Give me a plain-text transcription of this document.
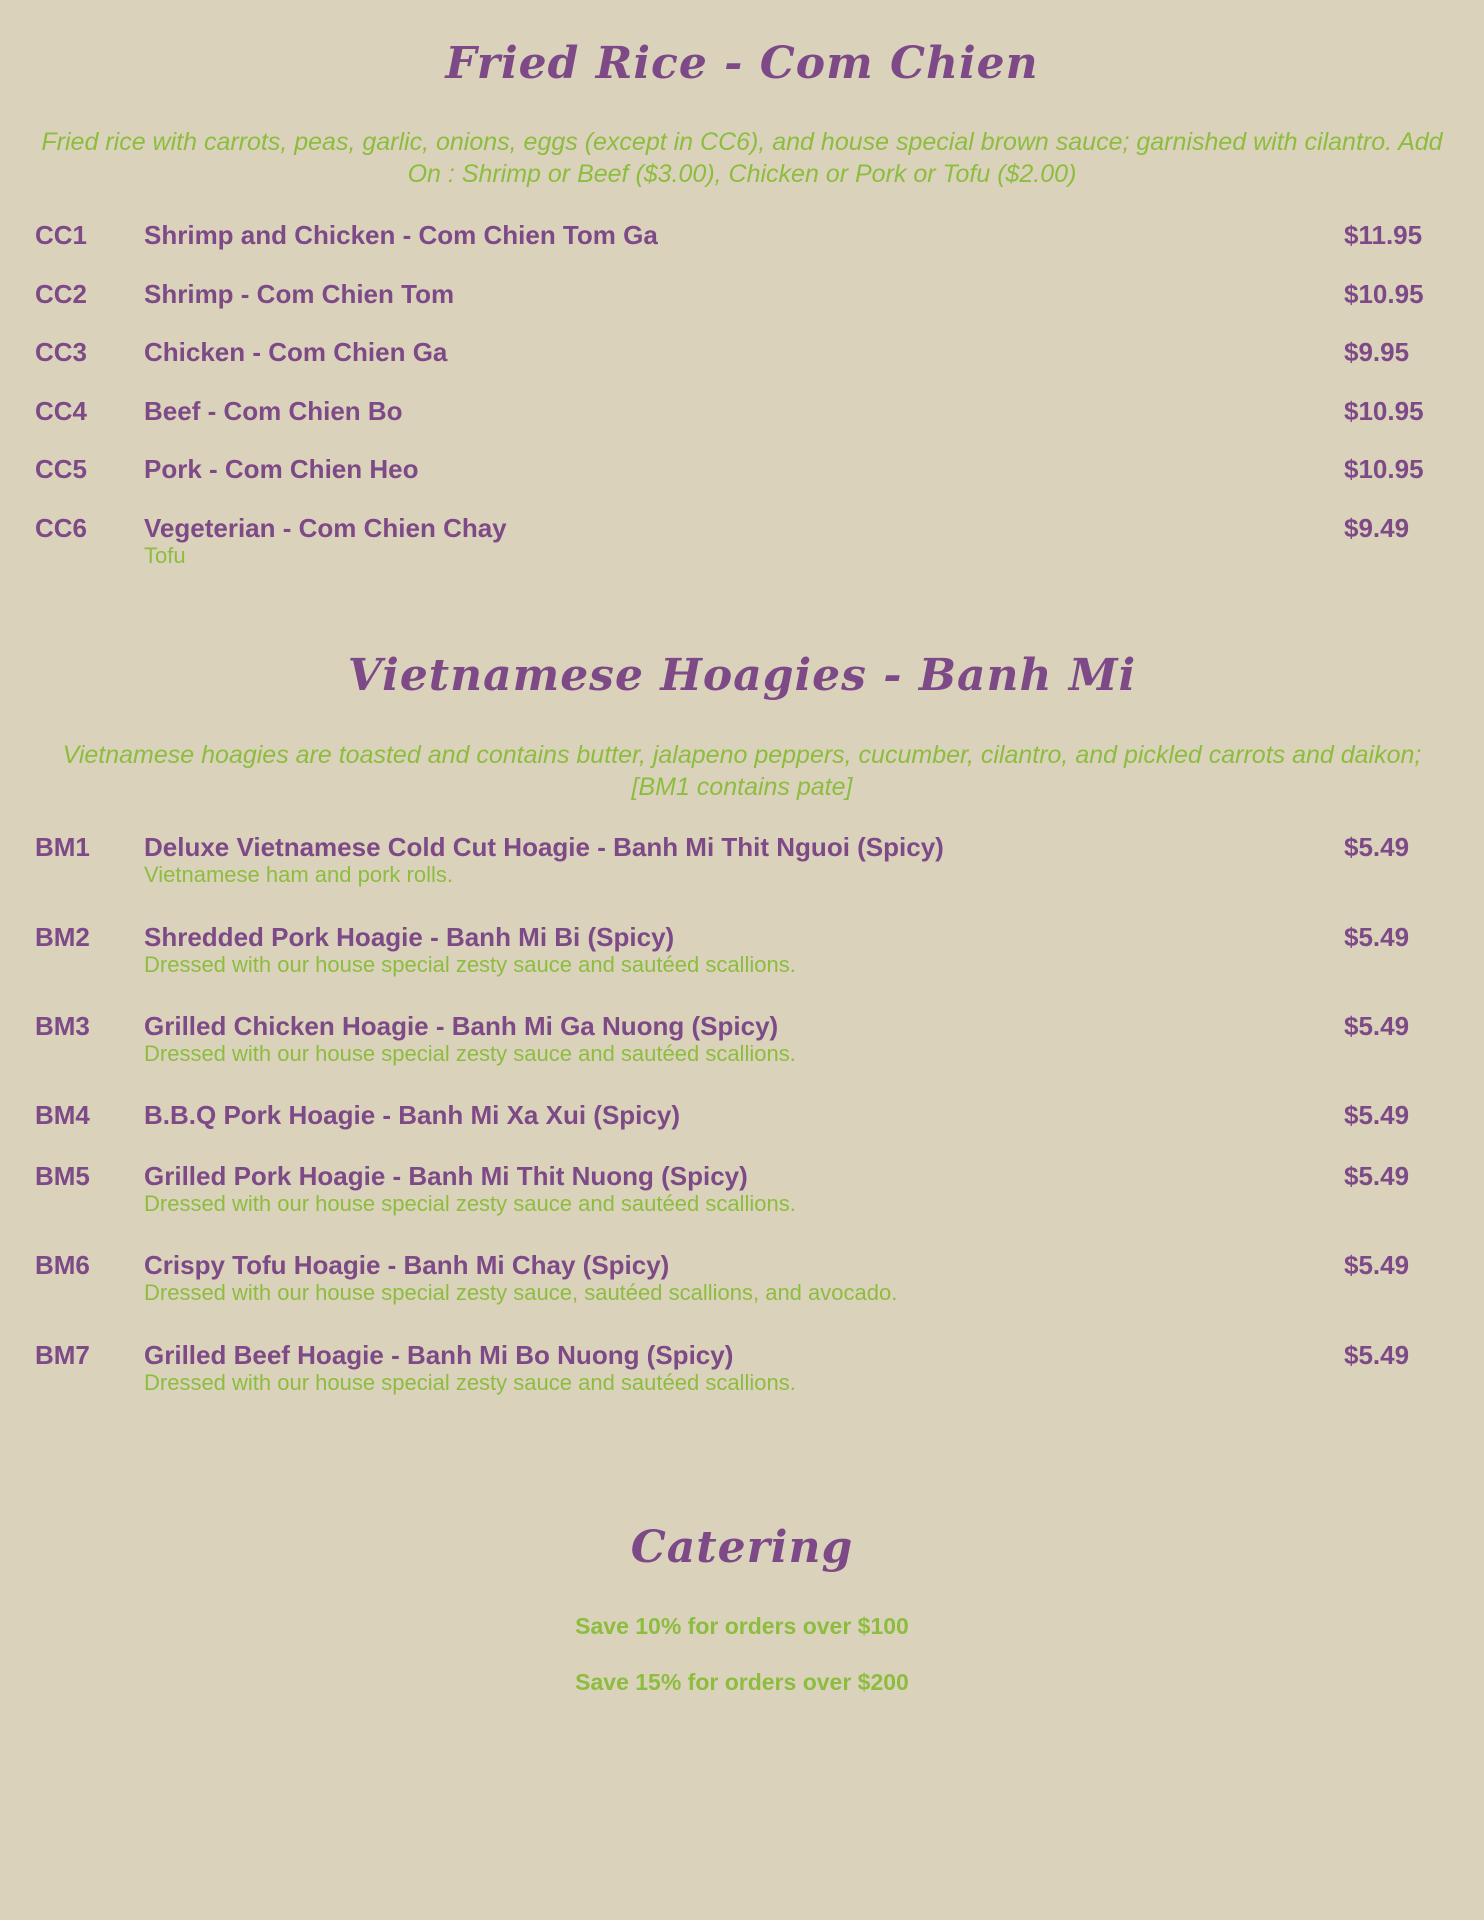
Fried Rice - Com Chien

Fried rice with carrots, peas, garlic, onions, eggs (except in CC6), and house special brown sauce; garnished with cilantro. Add On : Shrimp or Beef ($3.00), Chicken or Pork or Tofu ($2.00)

CC1 Shrimp and Chicken - Com Chien Tom Ga	$11.95
CC2 Shrimp - Com Chien Tom	$10.95
CC3 Chicken - Com Chien Ga	$9.95
CC4 Beef - Com Chien Bo	$10.95
CC5 Pork - Com Chien Heo	$10.95
CC6 Vegeterian - Com Chien Chay
Tofu
$9.49
Vietnamese Hoagies - Banh Mi

Vietnamese hoagies are toasted and contains butter, jalapeno peppers, cucumber, cilantro, and pickled carrots and daikon; [BM1 contains pate]

BM1 Deluxe Vietnamese Cold Cut Hoagie - Banh Mi Thit Nguoi (Spicy)
Vietnamese ham and pork rolls.
$5.49
BM2 Shredded Pork Hoagie - Banh Mi Bi (Spicy)
Dressed with our house special zesty sauce and sautéed scallions.
$5.49
BM3 Grilled Chicken Hoagie - Banh Mi Ga Nuong (Spicy)
Dressed with our house special zesty sauce and sautéed scallions.
$5.49
BM4 B.B.Q Pork Hoagie - Banh Mi Xa Xui (Spicy)	$5.49
BM5 Grilled Pork Hoagie - Banh Mi Thit Nuong (Spicy)
Dressed with our house special zesty sauce and sautéed scallions.
$5.49
BM6 Crispy Tofu Hoagie - Banh Mi Chay (Spicy)
Dressed with our house special zesty sauce, sautéed scallions, and avocado.
$5.49
BM7 Grilled Beef Hoagie - Banh Mi Bo Nuong (Spicy)
Dressed with our house special zesty sauce and sautéed scallions.
$5.49
Catering

Save 10% for orders over $100

Save 15% for orders over $200
